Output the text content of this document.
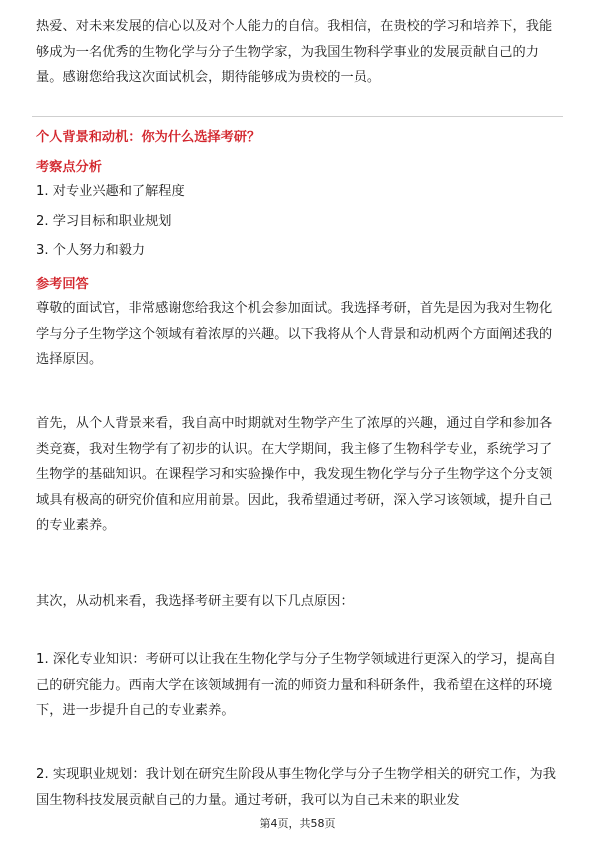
热爱、对未来发展的信心以及对个人能力的自信。我相信，在贵校的学习和培养下，我能够成为一名优秀的生物化学与分子生物学家，为我国生物科学事业的发展贡献自己的力量。感谢您给我这次面试机会，期待能够成为贵校的一员。
个人背景和动机：你为什么选择考研？
考察点分析
1. 对专业兴趣和了解程度
2. 学习目标和职业规划
3. 个人努力和毅力
参考回答
尊敬的面试官，非常感谢您给我这个机会参加面试。我选择考研，首先是因为我对生物化学与分子生物学这个领域有着浓厚的兴趣。以下我将从个人背景和动机两个方面阐述我的选择原因。
首先，从个人背景来看，我自高中时期就对生物学产生了浓厚的兴趣，通过自学和参加各类竞赛，我对生物学有了初步的认识。在大学期间，我主修了生物科学专业，系统学习了生物学的基础知识。在课程学习和实验操作中，我发现生物化学与分子生物学这个分支领域具有极高的研究价值和应用前景。因此，我希望通过考研，深入学习该领域，提升自己的专业素养。
其次，从动机来看，我选择考研主要有以下几点原因：
1. 深化专业知识：考研可以让我在生物化学与分子生物学领域进行更深入的学习，提高自己的研究能力。西南大学在该领域拥有一流的师资力量和科研条件，我希望在这样的环境下，进一步提升自己的专业素养。
2. 实现职业规划：我计划在研究生阶段从事生物化学与分子生物学相关的研究工作，为我国生物科技发展贡献自己的力量。通过考研，我可以为自己未来的职业发
第4页，共58页
